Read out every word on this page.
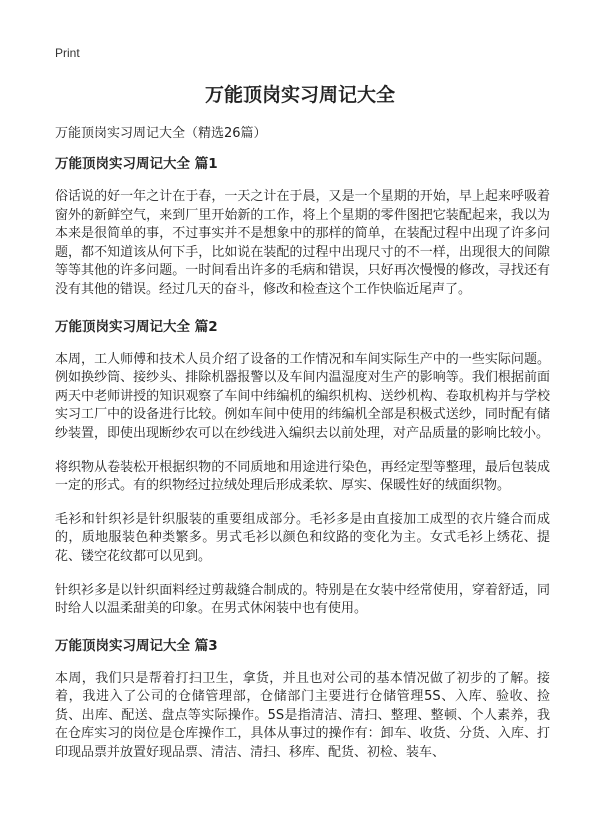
Print
万能顶岗实习周记大全

万能顶岗实习周记大全（精选26篇）

万能顶岗实习周记大全 篇1

俗话说的好一年之计在于春，一天之计在于晨，又是一个星期的开始，早上起来呼吸着窗外的新鲜空气，来到厂里开始新的工作，将上个星期的零件图把它装配起来，我以为本来是很简单的事，不过事实并不是想象中的那样的简单，在装配过程中出现了许多问题，都不知道该从何下手，比如说在装配的过程中出现尺寸的不一样，出现很大的间隙等等其他的许多问题。一时间看出许多的毛病和错误，只好再次慢慢的修改，寻找还有没有其他的错误。经过几天的奋斗，修改和检查这个工作快临近尾声了。

万能顶岗实习周记大全 篇2

本周，工人师傅和技术人员介绍了设备的工作情况和车间实际生产中的一些实际问题。例如换纱筒、接纱头、排除机器报警以及车间内温湿度对生产的影响等。我们根据前面两天中老师讲授的知识观察了车间中纬编机的编织机构、送纱机构、卷取机构并与学校实习工厂中的设备进行比较。例如车间中使用的纬编机全部是积极式送纱，同时配有储纱装置，即使出现断纱农可以在纱线进入编织去以前处理，对产品质量的影响比较小。

将织物从卷装松开根据织物的不同质地和用途进行染色，再经定型等整理，最后包装成一定的形式。有的织物经过拉绒处理后形成柔软、厚实、保暖性好的绒面织物。

毛衫和针织衫是针织服装的重要组成部分。毛衫多是由直接加工成型的衣片缝合而成的，质地服装色种类繁多。男式毛衫以颜色和纹路的变化为主。女式毛衫上绣花、提花、镂空花纹都可以见到。

针织衫多是以针织面料经过剪裁缝合制成的。特别是在女装中经常使用，穿着舒适，同时给人以温柔甜美的印象。在男式休闲装中也有使用。

万能顶岗实习周记大全 篇3

本周，我们只是帮着打扫卫生，拿货，并且也对公司的基本情况做了初步的了解。接着，我进入了公司的仓储管理部，仓储部门主要进行仓储管理5S、入库、验收、捡货、出库、配送、盘点等实际操作。5S是指清洁、清扫、整理、整顿、个人素养，我在仓库实习的岗位是仓库操作工，具体从事过的操作有：卸车、收货、分货、入库、打印现品票并放置好现品票、清洁、清扫、移库、配货、初检、装车、
